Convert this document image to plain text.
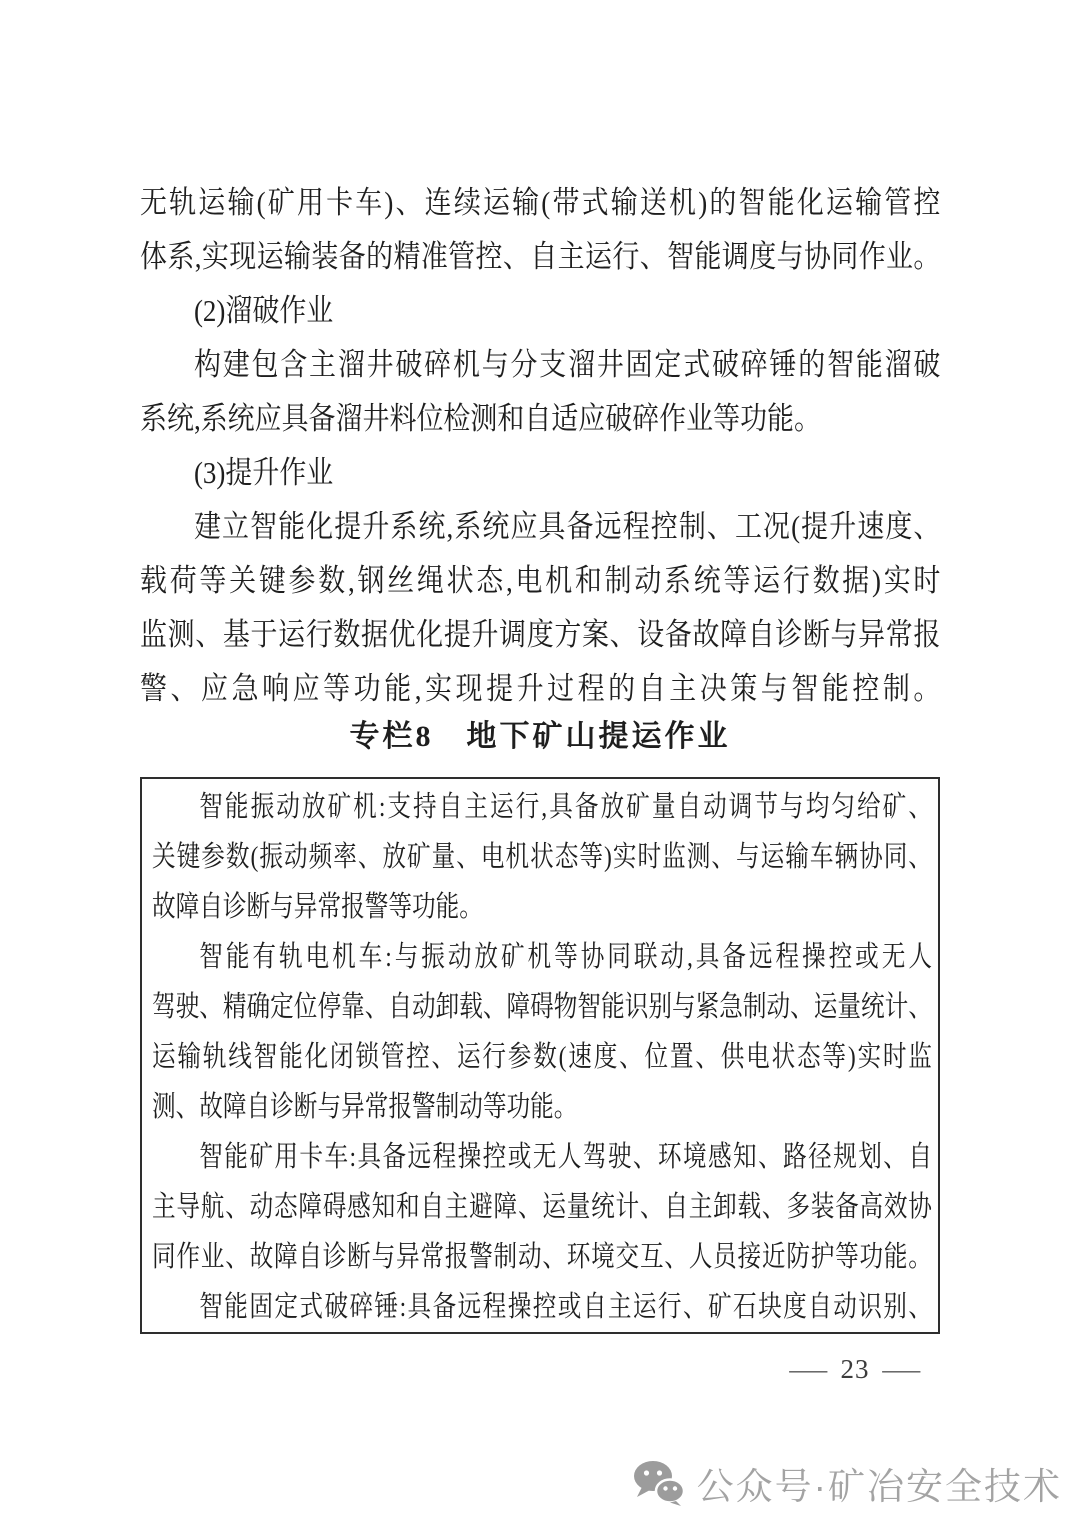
无轨运输(矿用卡车)、连续运输(带式输送机)的智能化运输管控

体系,实现运输装备的精准管控、自主运行、智能调度与协同作业。

(2)溜破作业

构建包含主溜井破碎机与分支溜井固定式破碎锤的智能溜破

系统,系统应具备溜井料位检测和自适应破碎作业等功能。

(3)提升作业

建立智能化提升系统,系统应具备远程控制、工况(提升速度、

载荷等关键参数,钢丝绳状态,电机和制动系统等运行数据)实时

监测、基于运行数据优化提升调度方案、设备故障自诊断与异常报

警、应急响应等功能,实现提升过程的自主决策与智能控制。

专栏8　地下矿山提运作业

智能振动放矿机:支持自主运行,具备放矿量自动调节与均匀给矿、

关键参数(振动频率、放矿量、电机状态等)实时监测、与运输车辆协同、

故障自诊断与异常报警等功能。

智能有轨电机车:与振动放矿机等协同联动,具备远程操控或无人

驾驶、精确定位停靠、自动卸载、障碍物智能识别与紧急制动、运量统计、

运输轨线智能化闭锁管控、运行参数(速度、位置、供电状态等)实时监

测、故障自诊断与异常报警制动等功能。

智能矿用卡车:具备远程操控或无人驾驶、环境感知、路径规划、自

主导航、动态障碍感知和自主避障、运量统计、自主卸载、多装备高效协

同作业、故障自诊断与异常报警制动、环境交互、人员接近防护等功能。

智能固定式破碎锤:具备远程操控或自主运行、矿石块度自动识别、

— 23 —
公众号·矿冶安全技术
